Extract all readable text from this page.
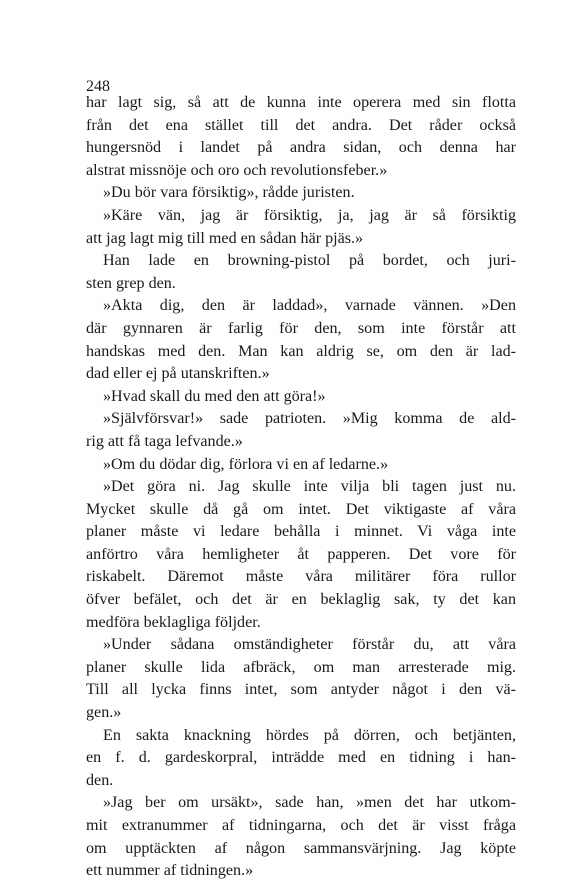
248

har lagt sig, så att de kunna inte operera med sin flotta
från det ena stället till det andra. Det råder också
hungersnöd i landet på andra sidan, och denna har
alstrat missnöje och oro och revolutionsfeber.»
»Du bör vara försiktig», rådde juristen.
»Käre vän, jag är försiktig, ja, jag är så försiktig
att jag lagt mig till med en sådan här pjäs.»
Han lade en browning-pistol på bordet, och juri-
sten grep den.
»Akta dig, den är laddad», varnade vännen. »Den
där gynnaren är farlig för den, som inte förstår att
handskas med den. Man kan aldrig se, om den är lad-
dad eller ej på utanskriften.»
»Hvad skall du med den att göra!»
»Självförsvar!» sade patrioten. »Mig komma de ald-
rig att få taga lefvande.»
»Om du dödar dig, förlora vi en af ledarne.»
»Det göra ni. Jag skulle inte vilja bli tagen just nu.
Mycket skulle då gå om intet. Det viktigaste af våra
planer måste vi ledare behålla i minnet. Vi våga inte
anförtro våra hemligheter åt papperen. Det vore för
riskabelt. Däremot måste våra militärer föra rullor
öfver befälet, och det är en beklaglig sak, ty det kan
medföra beklagliga följder.
»Under sådana omständigheter förstår du, att våra
planer skulle lida afbräck, om man arresterade mig.
Till all lycka finns intet, som antyder något i den vä-
gen.»
En sakta knackning hördes på dörren, och betjänten,
en f. d. gardeskorpral, inträdde med en tidning i han-
den.
»Jag ber om ursäkt», sade han, »men det har utkom-
mit extranummer af tidningarna, och det är visst fråga
om upptäckten af någon sammansvärjning. Jag köpte
ett nummer af tidningen.»
